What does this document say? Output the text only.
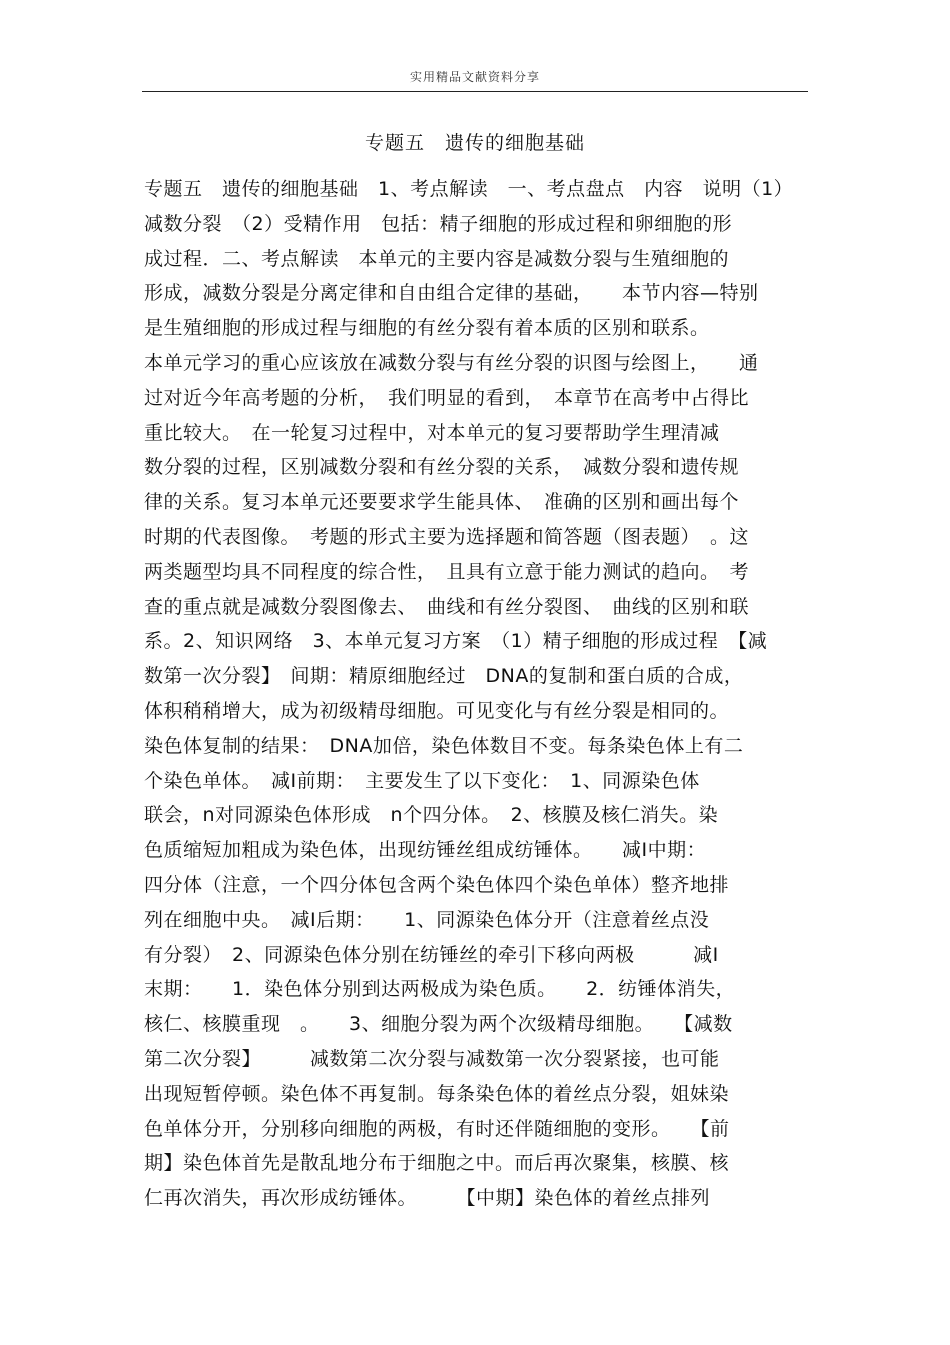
实用精品文献资料分享
专题五　遗传的细胞基础
专题五　遗传的细胞基础　1、考点解读　一、考点盘点　内容　说明（1）
减数分裂　（2）受精作用　包括：精子细胞的形成过程和卵细胞的形
成过程．二、考点解读　本单元的主要内容是减数分裂与生殖细胞的
形成，减数分裂是分离定律和自由组合定律的基础，　　本节内容—特别
是生殖细胞的形成过程与细胞的有丝分裂有着本质的区别和联系。
本单元学习的重心应该放在减数分裂与有丝分裂的识图与绘图上，　　通
过对近今年高考题的分析，　我们明显的看到，　本章节在高考中占得比
重比较大。　在一轮复习过程中，对本单元的复习要帮助学生理清减
数分裂的过程，区别减数分裂和有丝分裂的关系，　减数分裂和遗传规
律的关系。复习本单元还要要求学生能具体、　准确的区别和画出每个
时期的代表图像。　考题的形式主要为选择题和简答题（图表题）　。这
两类题型均具不同程度的综合性，　且具有立意于能力测试的趋向。　考
查的重点就是减数分裂图像去、　曲线和有丝分裂图、　曲线的区别和联
系。2、知识网络　3、本单元复习方案　（1）精子细胞的形成过程　【减
数第一次分裂】　间期：精原细胞经过　DNA的复制和蛋白质的合成，
体积稍稍增大，成为初级精母细胞。可见变化与有丝分裂是相同的。
染色体复制的结果：　DNA加倍，染色体数目不变。每条染色体上有二
个染色单体。　减Ⅰ前期：　主要发生了以下变化：　1、同源染色体
联会，n对同源染色体形成　n个四分体。　2、核膜及核仁消失。染
色质缩短加粗成为染色体，出现纺锤丝组成纺锤体。　　减Ⅰ中期：
四分体（注意，一个四分体包含两个染色体四个染色单体）整齐地排
列在细胞中央。　减Ⅰ后期：　　1、同源染色体分开（注意着丝点没
有分裂）　2、同源染色体分别在纺锤丝的牵引下移向两极　　　减Ⅰ
末期：　　1．染色体分别到达两极成为染色质。　　2．纺锤体消失，
核仁、核膜重现　。　　3、细胞分裂为两个次级精母细胞。　　【减数
第二次分裂】　　　减数第二次分裂与减数第一次分裂紧接，也可能
出现短暂停顿。染色体不再复制。每条染色体的着丝点分裂，姐妹染
色单体分开，分别移向细胞的两极，有时还伴随细胞的变形。　　【前
期】染色体首先是散乱地分布于细胞之中。而后再次聚集，核膜、核
仁再次消失，再次形成纺锤体。　　　【中期】染色体的着丝点排列
